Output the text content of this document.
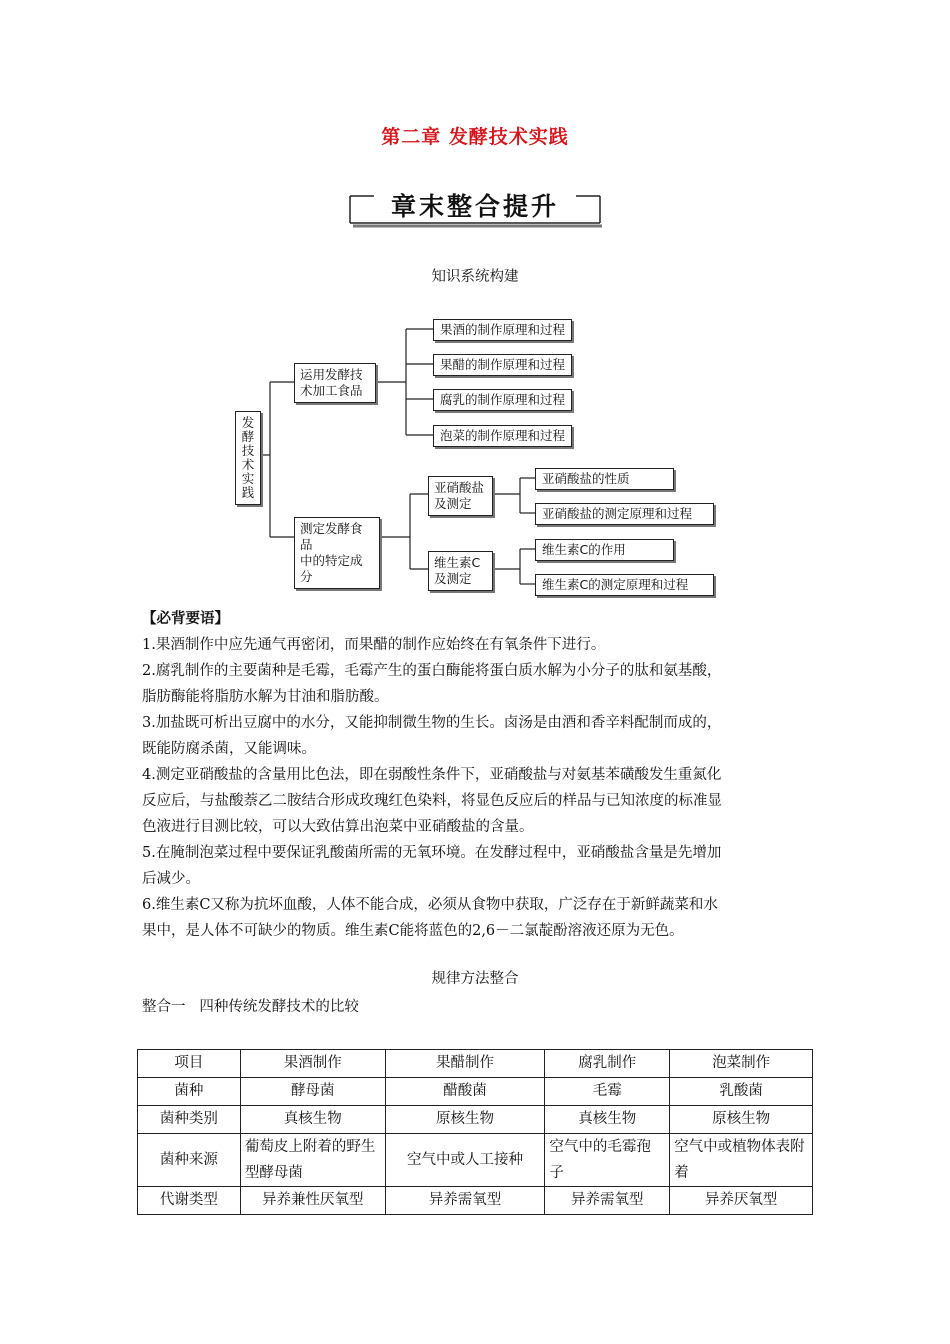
第二章 发酵技术实践
章末整合提升
知识系统构建
发
酵
技
术
实
践
运用发酵技
术加工食品
果酒的制作原理和过程
果醋的制作原理和过程
腐乳的制作原理和过程
泡菜的制作原理和过程
测定发酵食品
中的特定成分
亚硝酸盐
及测定
维生素C
及测定
亚硝酸盐的性质
亚硝酸盐的测定原理和过程
维生素C的作用
维生素C的测定原理和过程
【必背要语】
1.果酒制作中应先通气再密闭，而果醋的制作应始终在有氧条件下进行。
2.腐乳制作的主要菌种是毛霉，毛霉产生的蛋白酶能将蛋白质水解为小分子的肽和氨基酸，
脂肪酶能将脂肪水解为甘油和脂肪酸。
3.加盐既可析出豆腐中的水分，又能抑制微生物的生长。卤汤是由酒和香辛料配制而成的，
既能防腐杀菌，又能调味。
4.测定亚硝酸盐的含量用比色法，即在弱酸性条件下，亚硝酸盐与对氨基苯磺酸发生重氮化
反应后，与盐酸萘乙二胺结合形成玫瑰红色染料，将显色反应后的样品与已知浓度的标准显
色液进行目测比较，可以大致估算出泡菜中亚硝酸盐的含量。
5.在腌制泡菜过程中要保证乳酸菌所需的无氧环境。在发酵过程中，亚硝酸盐含量是先增加
后减少。
6.维生素C又称为抗坏血酸，人体不能合成，必须从食物中获取，广泛存在于新鲜蔬菜和水
果中，是人体不可缺少的物质。维生素C能将蓝色的2,6－二氯靛酚溶液还原为无色。
规律方法整合
整合一   四种传统发酵技术的比较
项目	果酒制作	果醋制作	腐乳制作	泡菜制作
菌种	酵母菌	醋酸菌	毛霉	乳酸菌
菌种类别	真核生物	原核生物	真核生物	原核生物
菌种来源	葡萄皮上附着的野生型酵母菌	空气中或人工接种	空气中的毛霉孢子	空气中或植物体表附着
代谢类型	异养兼性厌氧型	异养需氧型	异养需氧型	异养厌氧型
